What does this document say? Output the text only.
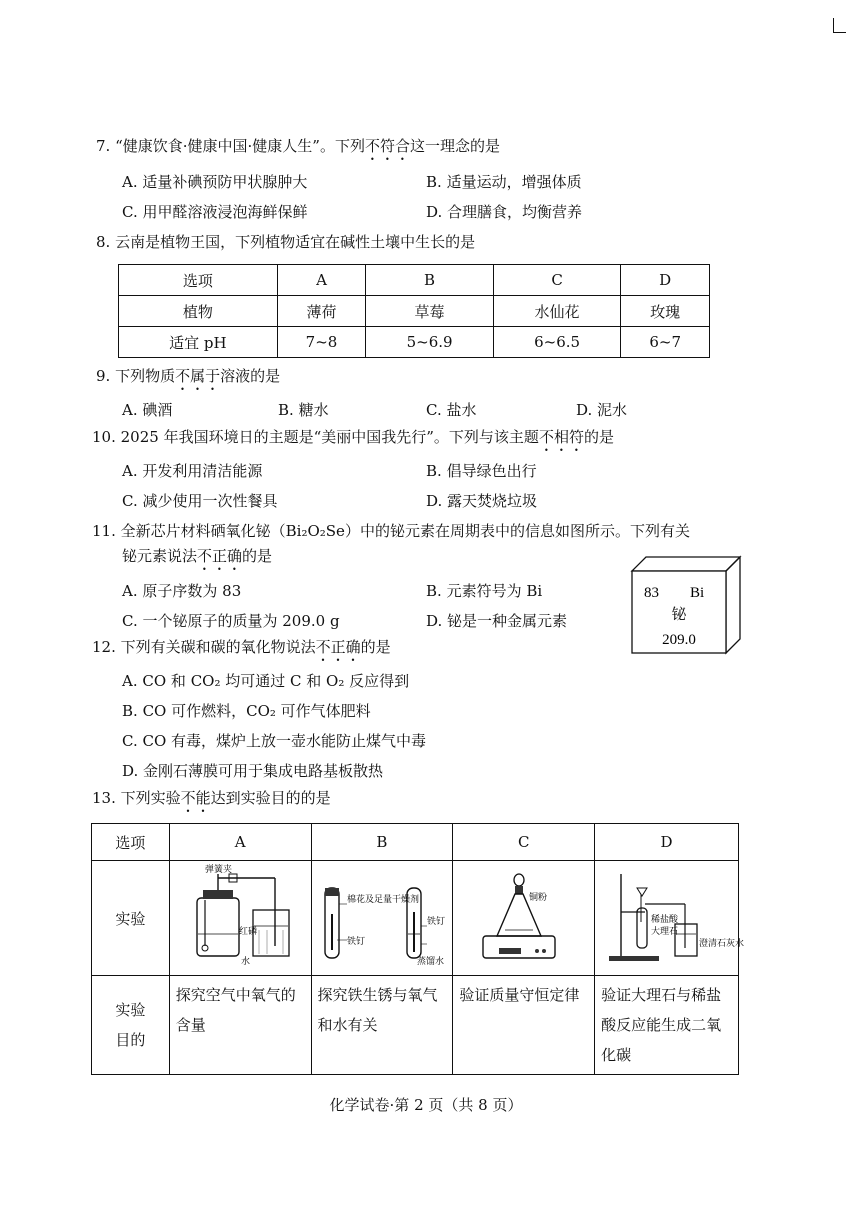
7. “健康饮食·健康中国·健康人生”。下列不符合这一理念的是
A. 适量补碘预防甲状腺肿大	B. 适量运动，增强体质
C. 用甲醛溶液浸泡海鲜保鲜	D. 合理膳食，均衡营养
8. 云南是植物王国，下列植物适宜在碱性土壤中生长的是
选项	A	B	C	D
植物	薄荷	草莓	水仙花	玫瑰
适宜 pH	7~8	5~6.9	6~6.5	6~7
9. 下列物质不属于溶液的是
A. 碘酒	B. 糖水	C. 盐水	D. 泥水
10. 2025 年我国环境日的主题是“美丽中国我先行”。下列与该主题不相符的是
A. 开发利用清洁能源	B. 倡导绿色出行
C. 减少使用一次性餐具	D. 露天焚烧垃圾
11. 全新芯片材料硒氧化铋（Bi₂O₂Se）中的铋元素在周期表中的信息如图所示。下列有关
铋元素说法不正确的是
A. 原子序数为 83	B. 元素符号为 Bi
C. 一个铋原子的质量为 209.0 g	D. 铋是一种金属元素
83 Bi
铋
209.0
12. 下列有关碳和碳的氧化物说法不正确的是
A. CO 和 CO₂ 均可通过 C 和 O₂ 反应得到
B. CO 可作燃料，CO₂ 可作气体肥料
C. CO 有毒，煤炉上放一壶水能防止煤气中毒
D. 金刚石薄膜可用于集成电路基板散热
13. 下列实验不能达到实验目的的是
选项	A	B	C	D
实验	弹簧夹
红磷
水	棉花及足量干燥剂
铁钉
铁钉
蒸馏水	铜粉	稀盐酸
大理石
澄清石灰水

实验目的	探究空气中氧气的含量	探究铁生锈与氧气和水有关	验证质量守恒定律	验证大理石与稀盐酸反应能生成二氧化碳
化学试卷·第 2 页（共 8 页）
